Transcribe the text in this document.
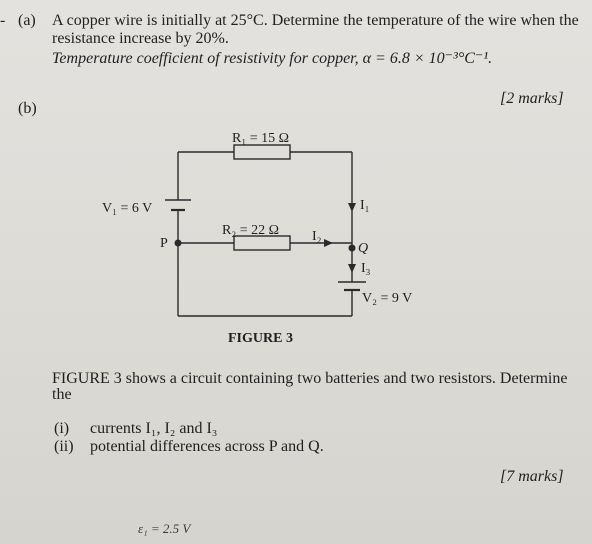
- (a) A copper wire is initially at 25°C. Determine the temperature of the wire when the
resistance increase by 20%.
Temperature coefficient of resistivity for copper, α = 6.8 × 10⁻³°C⁻¹.
[2 marks]
(b)
R₁ = 15 Ω
R₂ = 22 Ω
V₁ = 6 V
V₂ = 9 V
P	Q
I₁
I₂
I₃
FIGURE 3
FIGURE 3 shows a circuit containing two batteries and two resistors. Determine
the
(i) currents I₁, I₂ and I₃
(ii) potential differences across P and Q.
[7 marks]
ε₁ = 2.5 V
